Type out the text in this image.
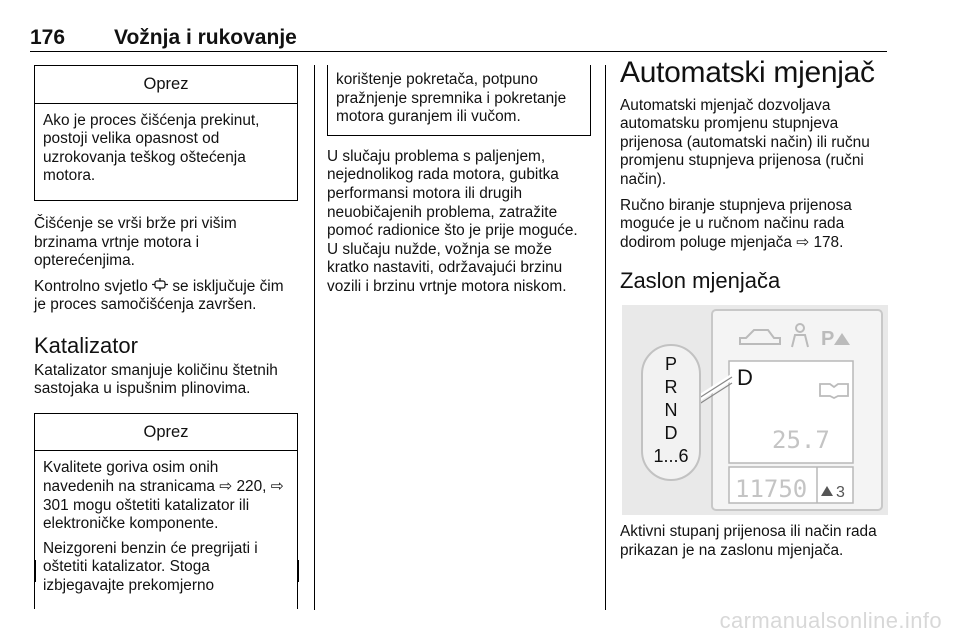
176 Vožnja i rukovanje
Oprez

Ako je proces čišćenja prekinut, postoji velika opasnost od uzrokovanja teškog oštećenja motora.

Čišćenje se vrši brže pri višim brzinama vrtnje motora i opterećenjima.

Kontrolno svjetlo se isključuje čim je proces samočišćenja završen.

Katalizator

Katalizator smanjuje količinu štetnih sastojaka u ispušnim plinovima.

Oprez

Kvalitete goriva osim onih navedenih na stranicama ⇨ 220, ⇨ 301 mogu oštetiti katalizator ili elektroničke komponente.

Neizgoreni benzin će pregrijati i oštetiti katalizator. Stoga izbjegavajte prekomjerno

korištenje pokretača, potpuno pražnjenje spremnika i pokretanje motora guranjem ili vučom.

U slučaju problema s paljenjem, nejednolikog rada motora, gubitka performansi motora ili drugih neuobičajenih problema, zatražite pomoć radionice što je prije moguće. U slučaju nužde, vožnja se može kratko nastaviti, održavajući brzinu vozili i brzinu vrtnje motora niskom.

Automatski mjenjač

Automatski mjenjač dozvoljava automatsku promjenu stupnjeva prijenosa (automatski način) ili ručnu promjenu stupnjeva prijenosa (ručni način).

Ručno biranje stupnjeva prijenosa moguće je u ručnom načinu rada dodirom poluge mjenjača ⇨ 178.

Zaslon mjenjača
P
D
25.7
11750 3
P
R
N
D
1...6

Aktivni stupanj prijenosa ili način rada prikazan je na zaslonu mjenjača.

carmanualsonline.info
